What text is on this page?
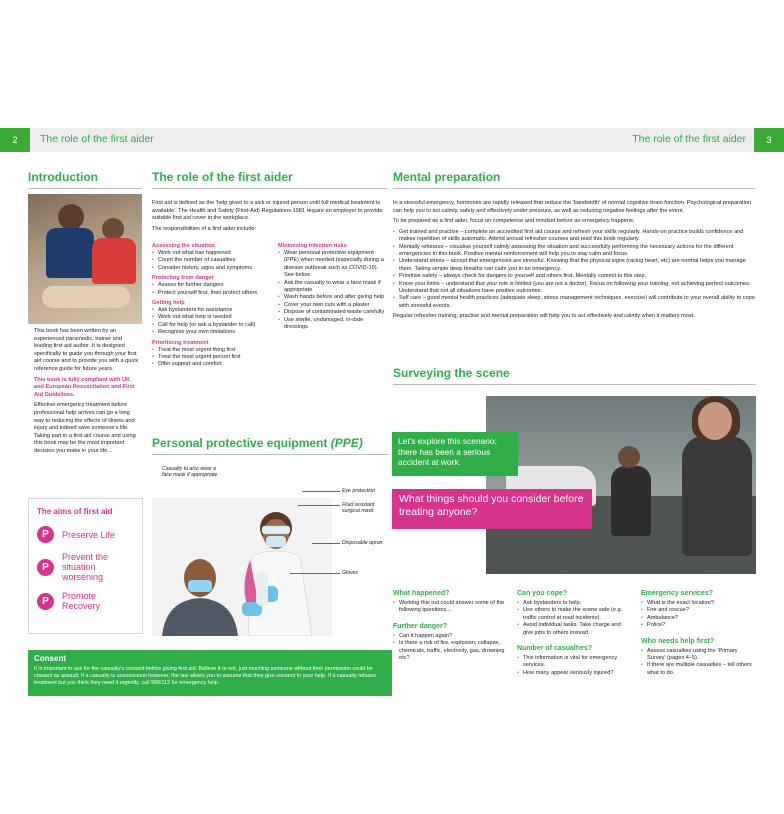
2	The role of the first aider	The role of the first aider	3
Introduction

This book has been written by an experienced paramedic, trainer and leading first aid author. It is designed specifically to guide you through your first aid course and to provide you with a quick reference guide for future years.

This book is fully compliant with UK and European Resuscitation and First Aid Guidelines.

Effective emergency treatment before professional help arrives can go a long way to reducing the effects of illness and injury and indeed save someone's life. Taking part in a first aid course and using this book may be the most important decision you make in your life...

The aims of first aid
P	Preserve Life
P
Prevent the situation worsening
P	Promote Recovery
Consent
It is important to ask for the casualty's consent before giving first aid. Believe it or not, just touching someone without their permission could be classed as assault. If a casualty is unconscious however, the law allows you to assume that they give consent to your help. If a casualty refuses treatment but you think they need it urgently, call 999/112 for emergency help.
The role of the first aider

First aid is defined as the 'help given to a sick or injured person until full medical treatment is available'. The Health and Safety (First-Aid) Regulations 1981 require an employer to provide suitable first aid cover in the workplace.

The responsibilities of a first aider include:

Assessing the situation
• Work out what has happened
• Count the number of casualties
• Consider history, signs and symptoms
Protecting from danger
• Assess for further dangers
• Protect yourself first, then protect others
Getting help
• Ask bystanders for assistance
• Work out what help is needed
• Call for help (or ask a bystander to call)
• Recognise your own limitations
Prioritising treatment
• Treat the most urgent thing first
• Treat the most urgent person first
• Offer support and comfort
Minimising infection risks
• Wear personal protective equipment (PPE) when needed (especially during a disease outbreak such as COVID-19). See below
• Ask the casualty to wear a face mask if appropriate
• Wash hands before and after giving help
• Cover your own cuts with a plaster
• Dispose of contaminated waste carefully
• Use sterile, undamaged, in-date dressings
Personal protective equipment (PPE)
Casualty to also wear a face mask if appropriate
Eye protection
Fluid resistant surgical mask
Disposable apron
Gloves
Mental preparation

In a stressful emergency, hormones are rapidly released that reduce the 'bandwidth' of normal cognitive brain function. Psychological preparation can help you to act calmly, safely and effectively under pressure, as well as reducing negative feelings after the event.

To be prepared as a first aider, focus on competence and mindset before an emergency happens:

• Get trained and practise – complete an accredited first aid course and refresh your skills regularly. Hands-on practice builds confidence and makes repetition of skills automatic. Attend annual refresher courses and read this book regularly.
• Mentally rehearse – visualise yourself calmly assessing the situation and successfully performing the necessary actions for the different emergencies in this book. Positive mental reinforcement will help you to stay calm and focus.
• Understand stress – accept that emergencies are stressful. Knowing that the physical signs (racing heart, etc) are normal helps you manage them. Taking simple deep breaths can calm you in an emergency.
• Prioritise safety – always check for dangers to yourself and others first. Mentally commit to this step.
• Know your limits – understand that your role is limited (you are not a doctor). Focus on following your training, not achieving perfect outcomes. Understand that not all situations have positive outcomes.
• Self care – good mental health practices (adequate sleep, stress management techniques, exercise) will contribute to your overall ability to cope with stressful events.

Regular refresher training, practise and mental preparation will help you to act effectively and calmly when it matters most.

Surveying the scene
Let's explore this scenario; there has been a serious accident at work.
What things should you consider before treating anyone?
What happened?
• Working this out could answer some of the following questions...
Further danger?
• Can it happen again?
• Is there a risk of fire, explosion, collapse, chemicals, traffic, electricity, gas, drowning etc?
Can you cope?
• Ask bystanders to help.
• Use others to make the scene safe (e.g. traffic control at road incidents).
• Avoid individual tasks. Take charge and give jobs to others instead.
Number of casualties?
• This information is vital for emergency services.
• How many appear seriously injured?
Emergency services?
• What is the exact location?
• Fire and rescue?
• Ambulance?
• Police?
Who needs help first?
• Assess casualties using the 'Primary Survey' (pages 4–5).
• If there are multiple casualties – tell others what to do.
